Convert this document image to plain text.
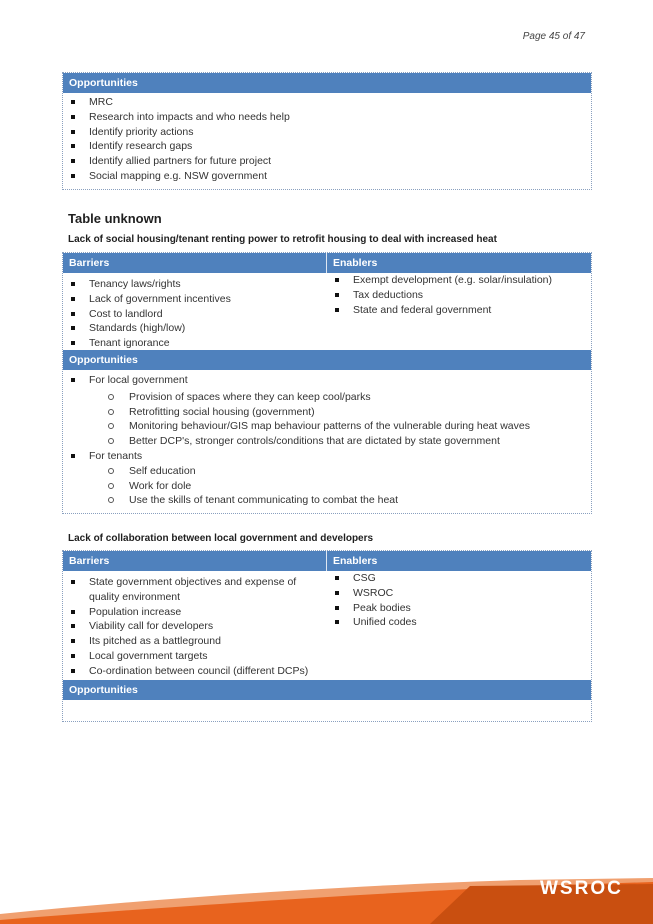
Page 45 of 47
Opportunities
MRC
Research into impacts and who needs help
Identify priority actions
Identify research gaps
Identify allied partners for future project
Social mapping e.g. NSW government
Table unknown
Lack of social housing/tenant renting power to retrofit housing to deal with increased heat
Barriers	Enablers
Tenancy laws/rights
Lack of government incentives
Cost to landlord
Standards (high/low)
Tenant ignorance
Exempt development (e.g. solar/insulation)
Tax deductions
State and federal government
Opportunities
For local government
Provision of spaces where they can keep cool/parks
Retrofitting social housing (government)
Monitoring behaviour/GIS map behaviour patterns of the vulnerable during heat waves
Better DCP's, stronger controls/conditions that are dictated by state government
For tenants
Self education
Work for dole
Use the skills of tenant communicating to combat the heat
Lack of collaboration between local government and developers
Barriers	Enablers
State government objectives and expense of quality environment
Population increase
Viability call for developers
Its pitched as a battleground
Local government targets
Co-ordination between council (different DCPs)
CSG
WSROC
Peak bodies
Unified codes
Opportunities
WSROC
